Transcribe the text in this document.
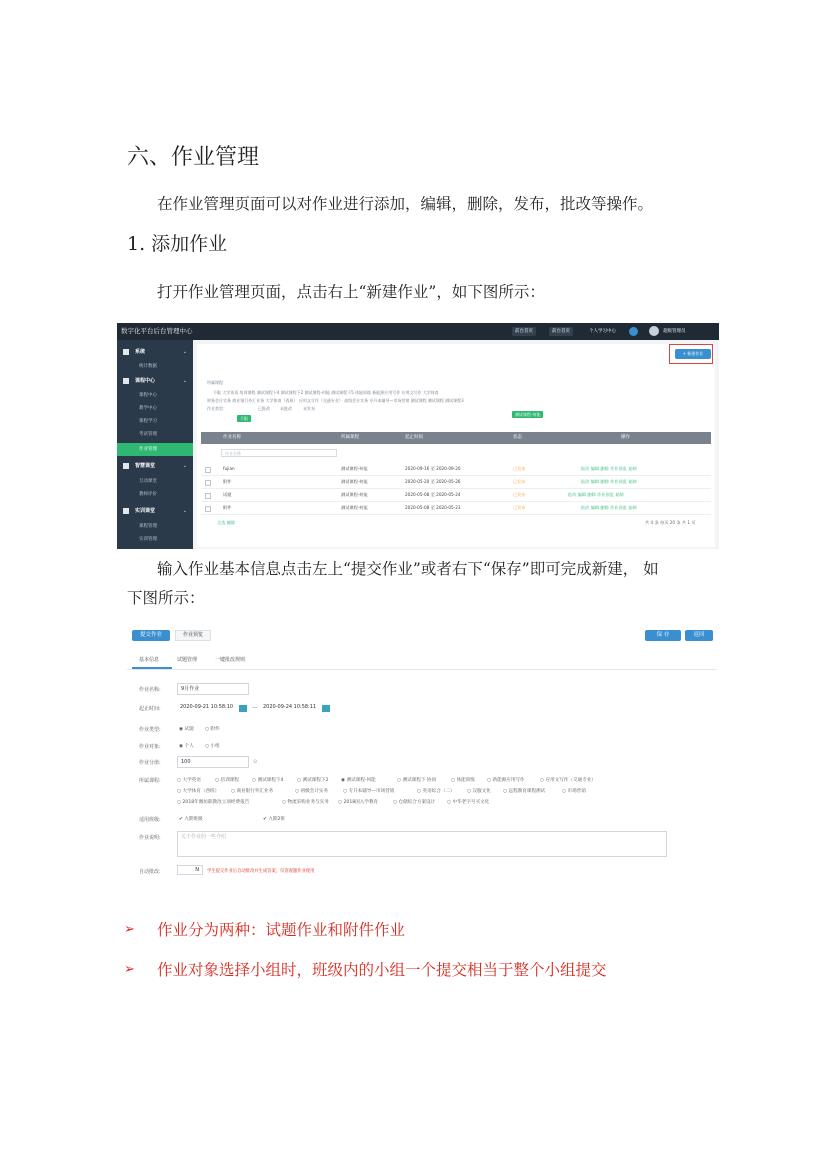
六、作业管理
在作业管理页面可以对作业进行添加，编辑，删除，发布，批改等操作。
1. 添加作业
打开作业管理页面，点击右上“新建作业”，如下图所示：
数字化平台后台管理中心	前台首页	前台首页	个人学习中心	超级管理员
系统	⌄
统计数据
课程中心	⌄
课程中心
教学中心
课程学习
考试管理
作业管理
智慧课堂	⌄
互动课堂
教师评价
实训课堂	⌄
课程管理
实训管理
+ 新建作业
所属课程：
不限 大学英语 培训课程 测试课程下4 测试课程下2 测试课程-何能 测试课程下5 体能训练 新能源应用写作 应用文写作 大学体育
财务会计实务 商业银行外汇业务 大学体育（西班） 应用文写作（交通专业） 高级会计实务 专升本辅导—市场营销 测试课程 测试课程 测试课程3
作业类型：
不限
已批改	未批改	未发布
测试课程-何能
作业名称	所属课程	起止时间	状态	操作
作业名称
fujian	测试课程-何能	2020-09-16 至 2020-09-20	已发布	批改 编辑 删除 作业预览 复制
附件	测试课程-何能	2020-05-20 至 2020-05-26	已发布	批改 编辑 删除 作业预览 复制
试题	测试课程-何能	2020-05-08 至 2020-05-24	已发布	批改 编辑 删除 作业预览 复制
附件	测试课程-何能	2020-05-08 至 2020-05-23	已发布	批改 编辑 删除 作业预览 复制
全选 删除	共 4 条 每页 20 条 共 1 页
输入作业基本信息点击左上“提交作业”或者右下“保存”即可完成新建， 如
下图所示：
提交作业	作业预览	保 存	返回
基本信息	试题管理	一键批改规则
作业名称:	9月作业
起止时间:	2020-09-21 10:58:10	---	2020-09-24 10:58:11
作业类型:	◉ 试题 ○ 附件
作业对象:	◉ 个人 ○ 小组
作业分值:	100	⊙
所属课程:	○ 大学英语	○ 培训课程	○ 测试课程下4	○ 测试课程下2	◉ 测试课程-何能	○ 测试课程下 协同	○ 体能训练	○ 新能源应用写作	○ 应用文写作（交通专业）
○ 大学体育（西班）	○ 商业银行外汇业务	○ 初级会计实务	○ 专升本辅导—市场营销	○ 英语综合（二）	○ 汉服文化	○ 远程教育课程测试	○ 市场营销
○ 2018年潍坊职教改立项经费报告	○ 物流采购业务与实务 ○ 2018国入学教育	○ 仓储综合方案设计	○ 中华老字号买文化
适用班级:	✔ 九期班级	✔ 九期2班
作业说明:	关于作业的一些介绍
自动批改:	N	学生提交作业后自动批改并生成答案，仅客观题作业使用
➢ 作业分为两种：试题作业和附件作业
➢ 作业对象选择小组时，班级内的小组一个提交相当于整个小组提交
